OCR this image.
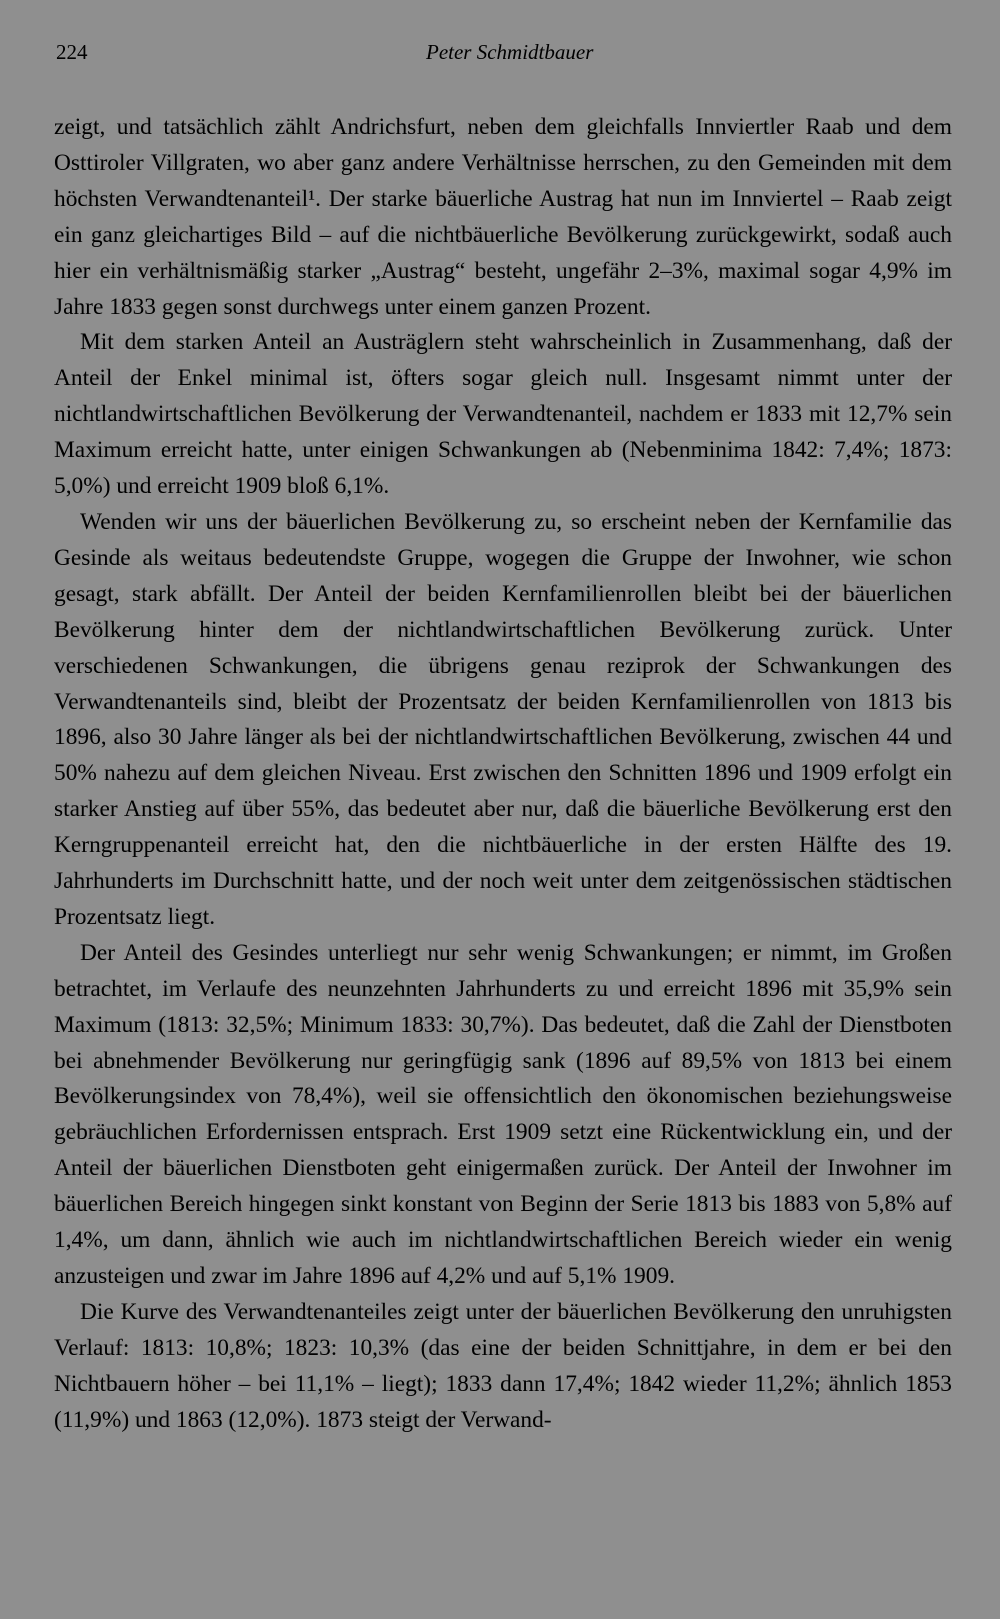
224	Peter Schmidtbauer

zeigt, und tatsächlich zählt Andrichsfurt, neben dem gleichfalls Innviertler Raab und dem Osttiroler Villgraten, wo aber ganz andere Verhältnisse herrschen, zu den Gemeinden mit dem höchsten Verwandtenanteil¹. Der starke bäuerliche Austrag hat nun im Innviertel – Raab zeigt ein ganz gleichartiges Bild – auf die nichtbäuerliche Bevölkerung zurückgewirkt, sodaß auch hier ein verhältnismäßig starker „Austrag“ besteht, ungefähr 2–3%, maximal sogar 4,9% im Jahre 1833 gegen sonst durchwegs unter einem ganzen Prozent.

Mit dem starken Anteil an Austräglern steht wahrscheinlich in Zusammenhang, daß der Anteil der Enkel minimal ist, öfters sogar gleich null. Insgesamt nimmt unter der nichtlandwirtschaftlichen Bevölkerung der Verwandtenanteil, nachdem er 1833 mit 12,7% sein Maximum erreicht hatte, unter einigen Schwankungen ab (Nebenminima 1842: 7,4%; 1873: 5,0%) und erreicht 1909 bloß 6,1%.

Wenden wir uns der bäuerlichen Bevölkerung zu, so erscheint neben der Kernfamilie das Gesinde als weitaus bedeutendste Gruppe, wogegen die Gruppe der Inwohner, wie schon gesagt, stark abfällt. Der Anteil der beiden Kernfamilienrollen bleibt bei der bäuerlichen Bevölkerung hinter dem der nichtlandwirtschaftlichen Bevölkerung zurück. Unter verschiedenen Schwankungen, die übrigens genau reziprok der Schwankungen des Verwandtenanteils sind, bleibt der Prozentsatz der beiden Kernfamilienrollen von 1813 bis 1896, also 30 Jahre länger als bei der nichtlandwirtschaftlichen Bevölkerung, zwischen 44 und 50% nahezu auf dem gleichen Niveau. Erst zwischen den Schnitten 1896 und 1909 erfolgt ein starker Anstieg auf über 55%, das bedeutet aber nur, daß die bäuerliche Bevölkerung erst den Kerngruppenanteil erreicht hat, den die nichtbäuerliche in der ersten Hälfte des 19. Jahrhunderts im Durchschnitt hatte, und der noch weit unter dem zeitgenössischen städtischen Prozentsatz liegt.

Der Anteil des Gesindes unterliegt nur sehr wenig Schwankungen; er nimmt, im Großen betrachtet, im Verlaufe des neunzehnten Jahrhunderts zu und erreicht 1896 mit 35,9% sein Maximum (1813: 32,5%; Minimum 1833: 30,7%). Das bedeutet, daß die Zahl der Dienstboten bei abnehmender Bevölkerung nur geringfügig sank (1896 auf 89,5% von 1813 bei einem Bevölkerungsindex von 78,4%), weil sie offensichtlich den ökonomischen beziehungsweise gebräuchlichen Erfordernissen entsprach. Erst 1909 setzt eine Rückentwicklung ein, und der Anteil der bäuerlichen Dienstboten geht einigermaßen zurück. Der Anteil der Inwohner im bäuerlichen Bereich hingegen sinkt konstant von Beginn der Serie 1813 bis 1883 von 5,8% auf 1,4%, um dann, ähnlich wie auch im nichtlandwirtschaftlichen Bereich wieder ein wenig anzusteigen und zwar im Jahre 1896 auf 4,2% und auf 5,1% 1909.

Die Kurve des Verwandtenanteiles zeigt unter der bäuerlichen Bevölkerung den unruhigsten Verlauf: 1813: 10,8%; 1823: 10,3% (das eine der beiden Schnittjahre, in dem er bei den Nichtbauern höher – bei 11,1% – liegt); 1833 dann 17,4%; 1842 wieder 11,2%; ähnlich 1853 (11,9%) und 1863 (12,0%). 1873 steigt der Verwand-
